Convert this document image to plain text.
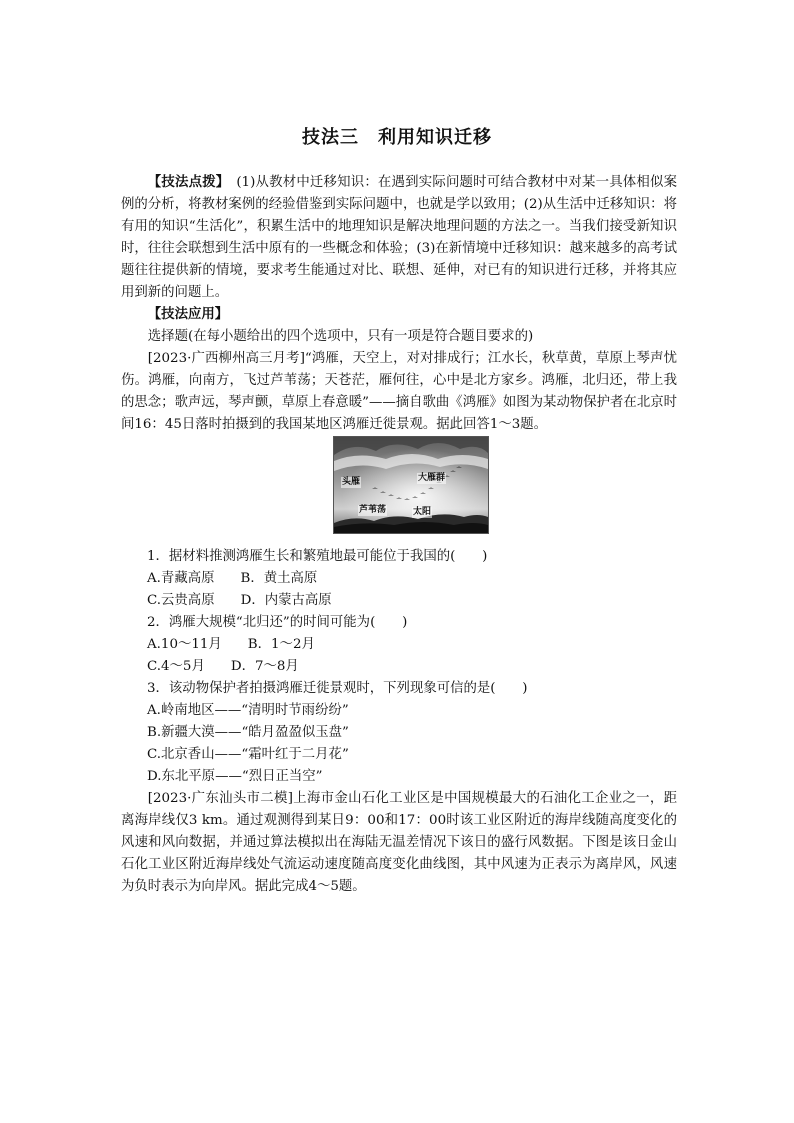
技法三　利用知识迁移

【技法点拨】　 (1)从教材中迁移知识：在遇到实际问题时可结合教材中对某一具体相似案例的分析，将教材案例的经验借鉴到实际问题中，也就是学以致用；(2)从生活中迁移知识：将有用的知识“生活化”，积累生活中的地理知识是解决地理问题的方法之一。当我们接受新知识时，往往会联想到生活中原有的一些概念和体验；(3)在新情境中迁移知识：越来越多的高考试题往往提供新的情境，要求考生能通过对比、联想、延伸，对已有的知识进行迁移，并将其应用到新的问题上。

【技法应用】

选择题(在每小题给出的四个选项中，只有一项是符合题目要求的)

[2023·广西柳州高三月考]“鸿雁，天空上，对对排成行；江水长，秋草黄，草原上琴声忧伤。鸿雁，向南方，飞过芦苇荡；天苍茫，雁何往，心中是北方家乡。鸿雁，北归还，带上我的思念；歌声远，琴声颤，草原上春意暖”——摘自歌曲《鸿雁》如图为某动物保护者在北京时间16：45日落时拍摄到的我国某地区鸿雁迁徙景观。据此回答1～3题。

头雁	大雁群
芦苇荡	太阳

1．据材料推测鸿雁生长和繁殖地最可能位于我国的(　　)

A.青藏高原 B．黄土高原

C.云贵高原 D．内蒙古高原

2．鸿雁大规模“北归还”的时间可能为(　　)

A.10～11月 B．1～2月

C.4～5月 D．7～8月

3．该动物保护者拍摄鸿雁迁徙景观时，下列现象可信的是(　　)

A.岭南地区——“清明时节雨纷纷”

B.新疆大漠——“皓月盈盈似玉盘”

C.北京香山——“霜叶红于二月花”

D.东北平原——“烈日正当空”

[2023·广东汕头市二模]上海市金山石化工业区是中国规模最大的石油化工企业之一，距离海岸线仅3 km。通过观测得到某日9：00和17：00时该工业区附近的海岸线随高度变化的风速和风向数据，并通过算法模拟出在海陆无温差情况下该日的盛行风数据。下图是该日金山石化工业区附近海岸线处气流运动速度随高度变化曲线图，其中风速为正表示为离岸风，风速为负时表示为向岸风。据此完成4～5题。
